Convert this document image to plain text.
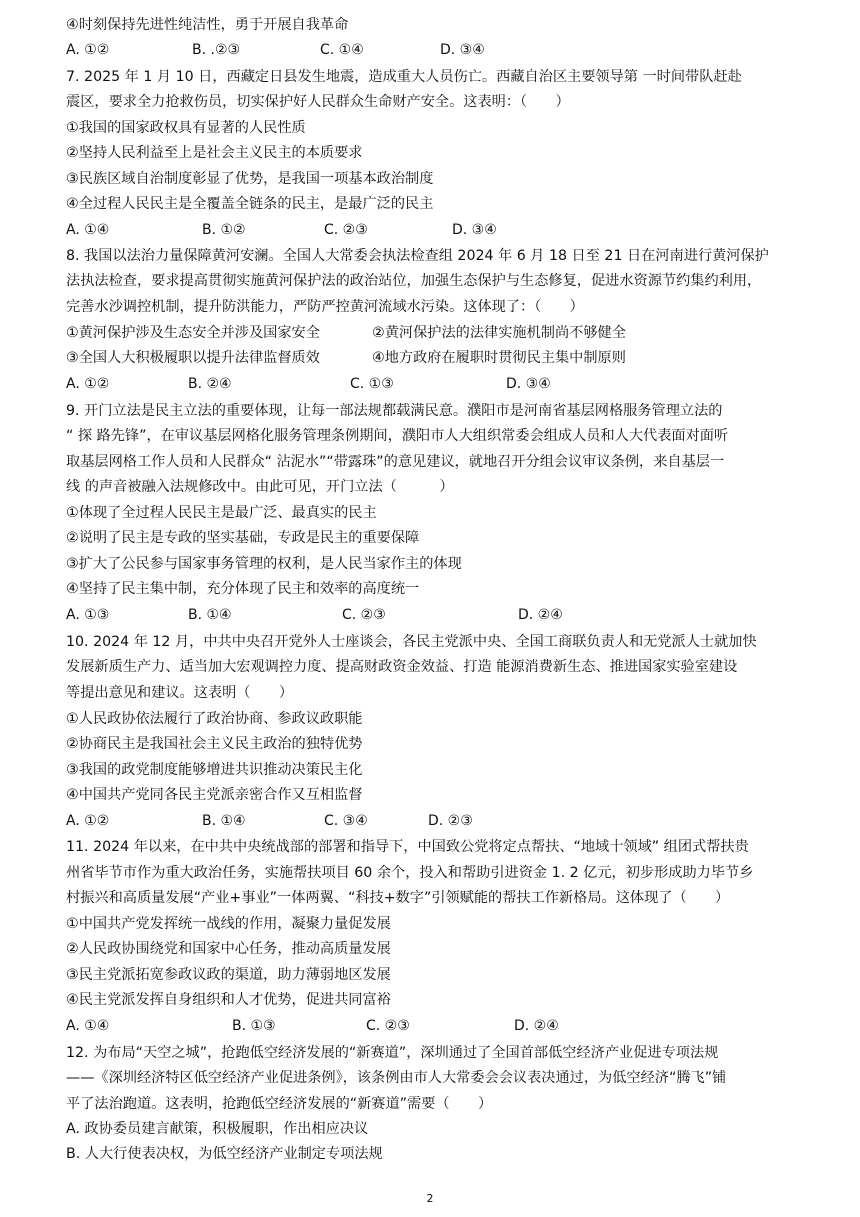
④时刻保持先进性纯洁性，勇于开展自我革命
A. ①②	B. .②③	C. ①④	D. ③④
7. 2025 年 1 月 10 日，西藏定日县发生地震，造成重大人员伤亡。西藏自治区主要领导第 一时间带队赶赴
震区，要求全力抢救伤员，切实保护好人民群众生命财产安全。这表明：（　　）
①我国的国家政权具有显著的人民性质
②坚持人民利益至上是社会主义民主的本质要求
③民族区域自治制度彰显了优势，是我国一项基本政治制度
④全过程人民民主是全覆盖全链条的民主，是最广泛的民主
A. ①④	B. ①②	C. ②③	D. ③④
8. 我国以法治力量保障黄河安澜。全国人大常委会执法检查组 2024 年 6 月 18 日至 21 日在河南进行黄河保护
法执法检查，要求提高贯彻实施黄河保护法的政治站位，加强生态保护与生态修复，促进水资源节约集约利用，
完善水沙调控机制，提升防洪能力，严防严控黄河流域水污染。这体现了：（　　）
①黄河保护涉及生态安全并涉及国家安全	②黄河保护法的法律实施机制尚不够健全
③全国人大积极履职以提升法律监督质效	④地方政府在履职时贯彻民主集中制原则
A. ①②	B. ②④	C. ①③	D. ③④
9. 开门立法是民主立法的重要体现，让每一部法规都载满民意。濮阳市是河南省基层网格服务管理立法的
“ 探 路先锋”，在审议基层网格化服务管理条例期间，濮阳市人大组织常委会组成人员和人大代表面对面听
取基层网格工作人员和人民群众“ 沾泥水”“带露珠”的意见建议，就地召开分组会议审议条例，来自基层一
线 的声音被融入法规修改中。由此可见，开门立法（　　　）
①体现了全过程人民民主是最广泛、最真实的民主
②说明了民主是专政的坚实基础，专政是民主的重要保障
③扩大了公民参与国家事务管理的权利，是人民当家作主的体现
④坚持了民主集中制，充分体现了民主和效率的高度统一
A. ①③	B. ①④	C. ②③	D. ②④
10. 2024 年 12 月，中共中央召开党外人士座谈会，各民主党派中央、全国工商联负责人和无党派人士就加快
发展新质生产力、适当加大宏观调控力度、提高财政资金效益、打造 能源消费新生态、推进国家实验室建设
等提出意见和建议。这表明（　　）
①人民政协依法履行了政治协商、参政议政职能
②协商民主是我国社会主义民主政治的独特优势
③我国的政党制度能够增进共识推动决策民主化
④中国共产党同各民主党派亲密合作又互相监督
A. ①②	B. ①④	C. ③④	D. ②③
11. 2024 年以来，在中共中央统战部的部署和指导下，中国致公党将定点帮扶、“地域十领域” 组团式帮扶贵
州省毕节市作为重大政治任务，实施帮扶项目 60 余个，投入和帮助引进资金 1. 2 亿元，初步形成助力毕节乡
村振兴和高质量发展“产业+事业”一体两翼、“科技+数字”引领赋能的帮扶工作新格局。这体现了（　　）
①中国共产党发挥统一战线的作用，凝聚力量促发展
②人民政协围绕党和国家中心任务，推动高质量发展
③民主党派拓宽参政议政的渠道，助力薄弱地区发展
④民主党派发挥自身组织和人才优势，促进共同富裕
A. ①④	B. ①③	C. ②③	D. ②④
12. 为布局“天空之城”，抢跑低空经济发展的“新赛道”，深圳通过了全国首部低空经济产业促进专项法规
——《深圳经济特区低空经济产业促进条例》，该条例由市人大常委会会议表决通过，为低空经济“腾飞”铺
平了法治跑道。这表明，抢跑低空经济发展的“新赛道”需要（　　）
A. 政协委员建言献策，积极履职，作出相应决议
B. 人大行使表决权，为低空经济产业制定专项法规
2
